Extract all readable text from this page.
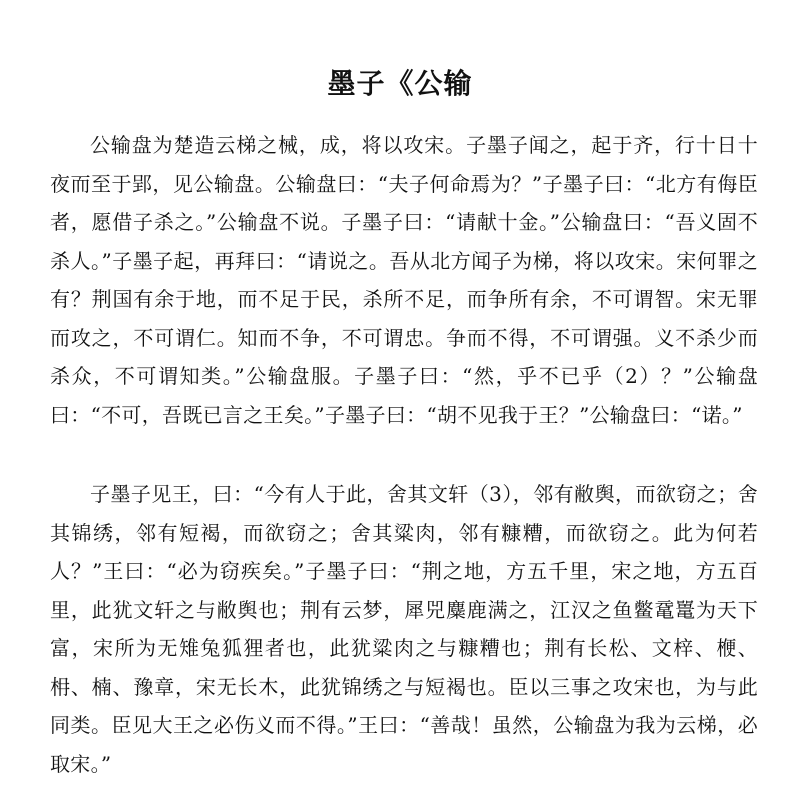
墨子《公输

公输盘为楚造云梯之械，成，将以攻宋。子墨子闻之，起于齐，行十日十夜而至于郢，见公输盘。公输盘曰：“夫子何命焉为？”子墨子曰：“北方有侮臣者，愿借子杀之。”公输盘不说。子墨子曰：“请献十金。”公输盘曰：“吾义固不杀人。”子墨子起，再拜曰：“请说之。吾从北方闻子为梯，将以攻宋。宋何罪之有？荆国有余于地，而不足于民，杀所不足，而争所有余，不可谓智。宋无罪而攻之，不可谓仁。知而不争，不可谓忠。争而不得，不可谓强。义不杀少而杀众，不可谓知类。”公输盘服。子墨子曰：“然，乎不已乎（2）？”公输盘曰：“不可，吾既已言之王矣。”子墨子曰：“胡不见我于王？”公输盘曰：“诺。”

子墨子见王，曰：“今有人于此，舍其文轩（3），邻有敝舆，而欲窃之；舍其锦绣，邻有短褐，而欲窃之；舍其粱肉，邻有糠糟，而欲窃之。此为何若人？”王曰：“必为窃疾矣。”子墨子曰：“荆之地，方五千里，宋之地，方五百里，此犹文轩之与敝舆也；荆有云梦，犀兕麋鹿满之，江汉之鱼鳖鼋鼍为天下富，宋所为无雉兔狐狸者也，此犹粱肉之与糠糟也；荆有长松、文梓、楩、枏、楠、豫章，宋无长木，此犹锦绣之与短褐也。臣以三事之攻宋也，为与此同类。臣见大王之必伤义而不得。”王曰：“善哉！虽然，公输盘为我为云梯，必取宋。”
